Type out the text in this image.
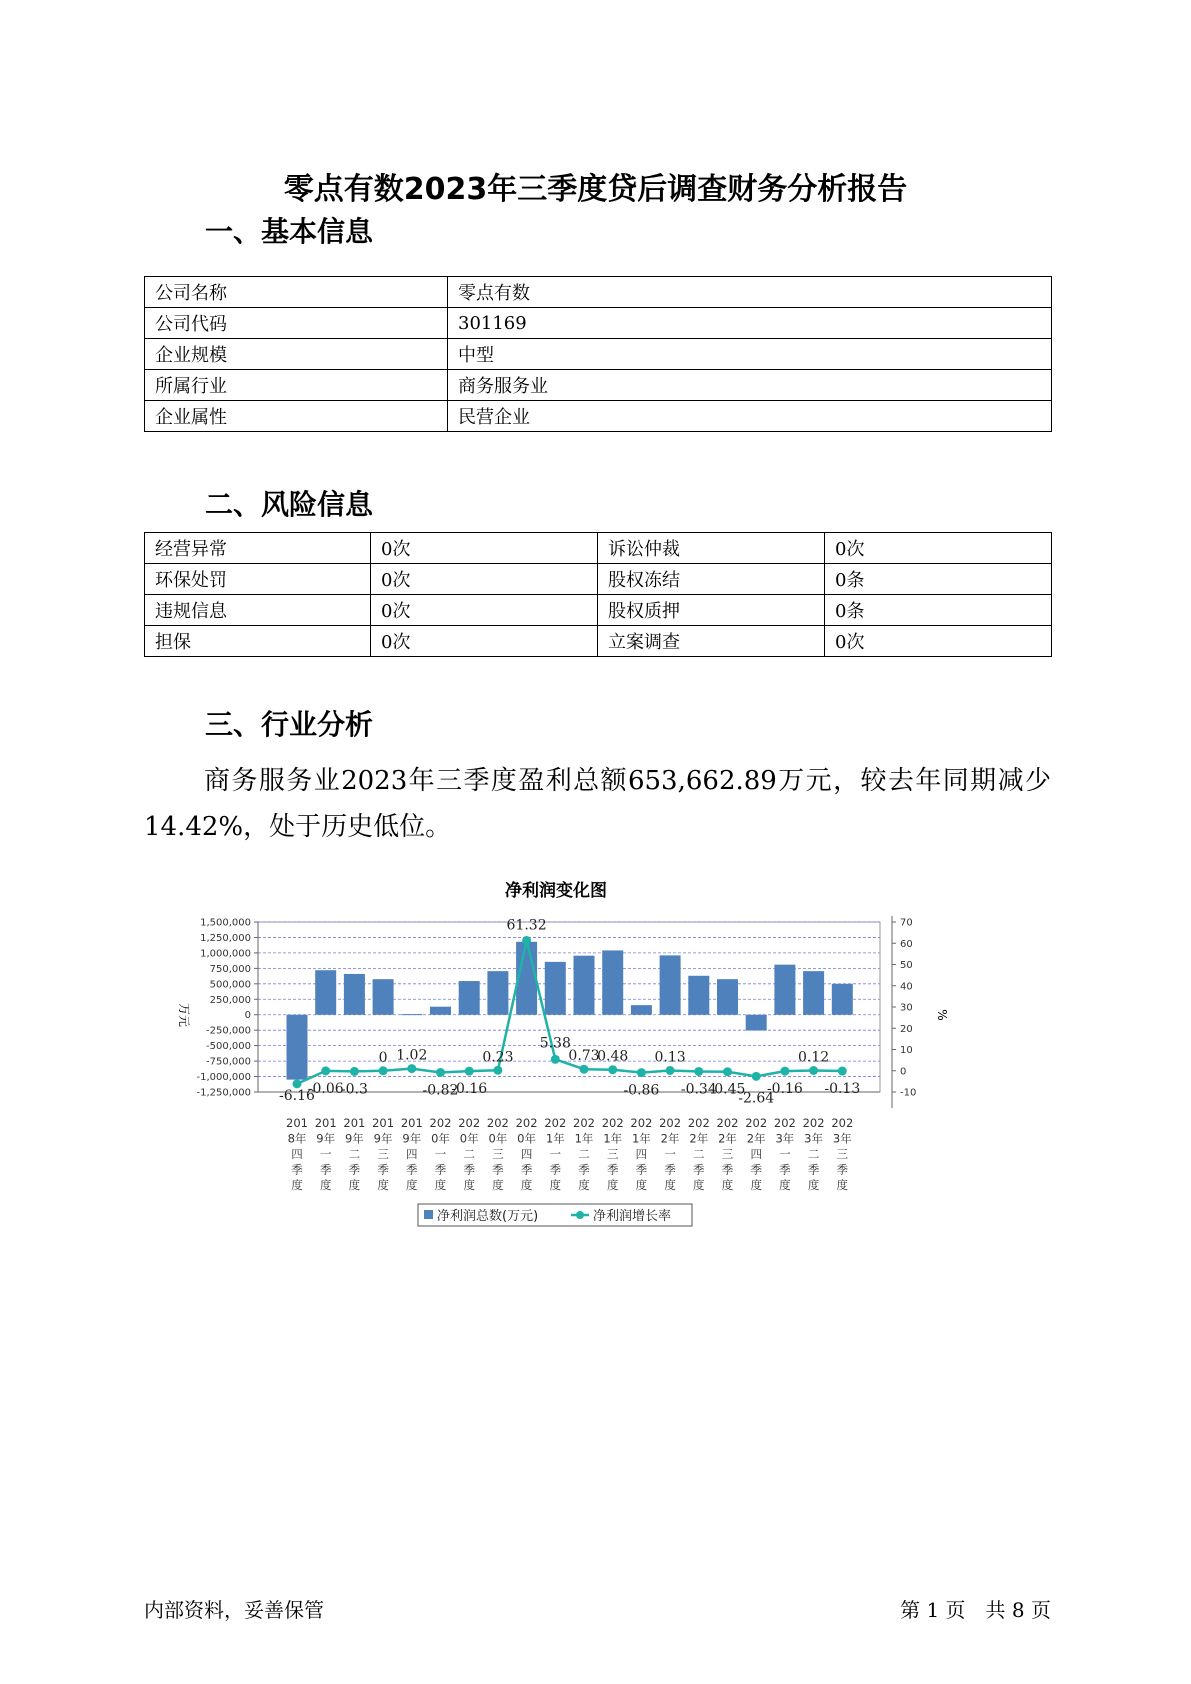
零点有数2023年三季度贷后调查财务分析报告
一、基本信息
公司名称	零点有数
公司代码	301169
企业规模	中型
所属行业	商务服务业
企业属性	民营企业
二、风险信息
经营异常	0次	诉讼仲裁	0次
环保处罚	0次	股权冻结	0条
违规信息	0次	股权质押	0条
担保	0次	立案调查	0次
三、行业分析

商务服务业2023年三季度盈利总额653,662.89万元，较去年同期减少14.42%，处于历史低位。

净利润变化图
1,500,000
1,250,000
1,000,000
750,000
500,000
250,000
0
-250,000
-500,000
-750,000
-1,000,000
-1,250,000
70
60
50
40
30
20
10
0
-10
万元	%
-6.16
-0.06
-0.3
0 1.02
-0.82
-0.16
0.23
61.32
5.38
0.73
0.48
-0.86
0.13
-0.34
-0.45
-2.64
-0.16
0.12
-0.13
201
8年
四
季
度
201
9年
一
季
度
201
9年
二
季
度
201
9年
三
季
度
201
9年
四
季
度
202
0年
一
季
度
202
0年
二
季
度
202
0年
三
季
度
202
0年
四
季
度
202
1年
一
季
度
202
1年
二
季
度
202
1年
三
季
度
202
1年
四
季
度
202
2年
一
季
度
202
2年
二
季
度
202
2年
三
季
度
202
2年
四
季
度
202
3年
一
季
度
202
3年
二
季
度
202
3年
三
季
度
净利润总数(万元)	净利润增长率
内部资料，妥善保管	第 1 页　共 8 页
